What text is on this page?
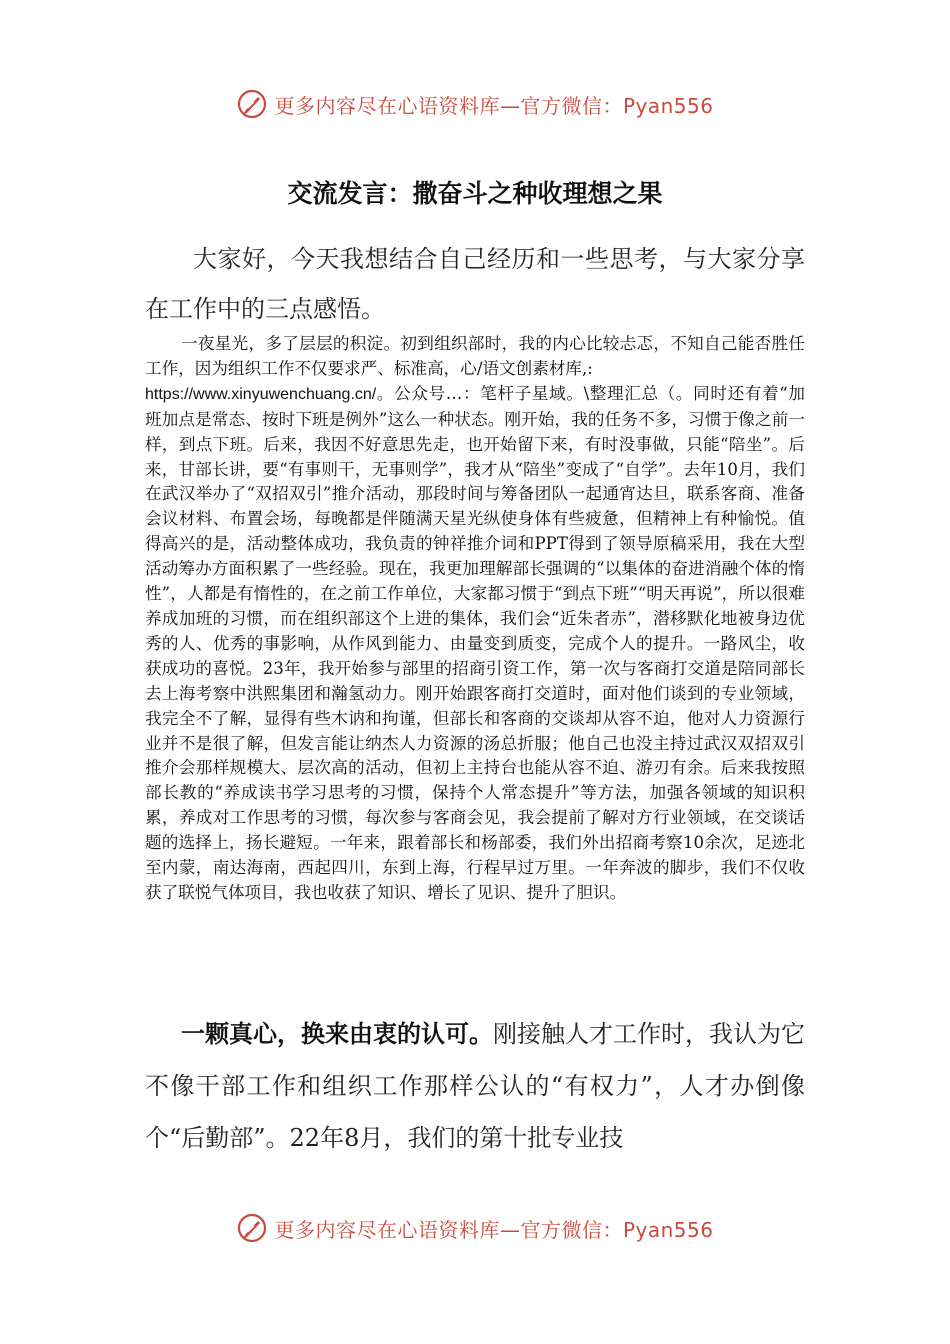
更多内容尽在心语资料库—官方微信：Pyan556
交流发言：撒奋斗之种收理想之果

大家好，今天我想结合自己经历和一些思考，与大家分享在工作中的三点感悟。

一夜星光，多了层层的积淀。初到组织部时，我的内心比较忐忑，不知自己能否胜任工作，因为组织工作不仅要求严、标准高，心/语文创素材库,:
https://www.xinyuwenchuang.cn/。公众号…：笔杆子星域。\整理汇总（。同时还有着“加班加点是常态、按时下班是例外”这么一种状态。刚开始，我的任务不多，习惯于像之前一样，到点下班。后来，我因不好意思先走，也开始留下来，有时没事做，只能“陪坐”。后来，甘部长讲，要“有事则干，无事则学”，我才从“陪坐”变成了“自学”。去年10月，我们在武汉举办了“双招双引”推介活动，那段时间与筹备团队一起通宵达旦，联系客商、准备会议材料、布置会场，每晚都是伴随满天星光纵使身体有些疲惫，但精神上有种愉悦。值得高兴的是，活动整体成功，我负责的钟祥推介词和PPT得到了领导原稿采用，我在大型活动筹办方面积累了一些经验。现在，我更加理解部长强调的“以集体的奋进消融个体的惰性”，人都是有惰性的，在之前工作单位，大家都习惯于“到点下班”“明天再说”，所以很难养成加班的习惯，而在组织部这个上进的集体，我们会“近朱者赤”，潜移默化地被身边优秀的人、优秀的事影响，从作风到能力、由量变到质变，完成个人的提升。一路风尘，收获成功的喜悦。23年，我开始参与部里的招商引资工作，第一次与客商打交道是陪同部长去上海考察中洪熙集团和瀚氢动力。刚开始跟客商打交道时，面对他们谈到的专业领域，我完全不了解，显得有些木讷和拘谨，但部长和客商的交谈却从容不迫，他对人力资源行业并不是很了解，但发言能让纳杰人力资源的汤总折服；他自己也没主持过武汉双招双引推介会那样规模大、层次高的活动，但初上主持台也能从容不迫、游刃有余。后来我按照部长教的“养成读书学习思考的习惯，保持个人常态提升”等方法，加强各领域的知识积累，养成对工作思考的习惯，每次参与客商会见，我会提前了解对方行业领域，在交谈话题的选择上，扬长避短。一年来，跟着部长和杨部委，我们外出招商考察10余次，足迹北至内蒙，南达海南，西起四川，东到上海，行程早过万里。一年奔波的脚步，我们不仅收获了联悦气体项目，我也收获了知识、增长了见识、提升了胆识。

一颗真心，换来由衷的认可。刚接触人才工作时，我认为它不像干部工作和组织工作那样公认的“有权力”，人才办倒像个“后勤部”。22年8月，我们的第十批专业技

更多内容尽在心语资料库—官方微信：Pyan556
